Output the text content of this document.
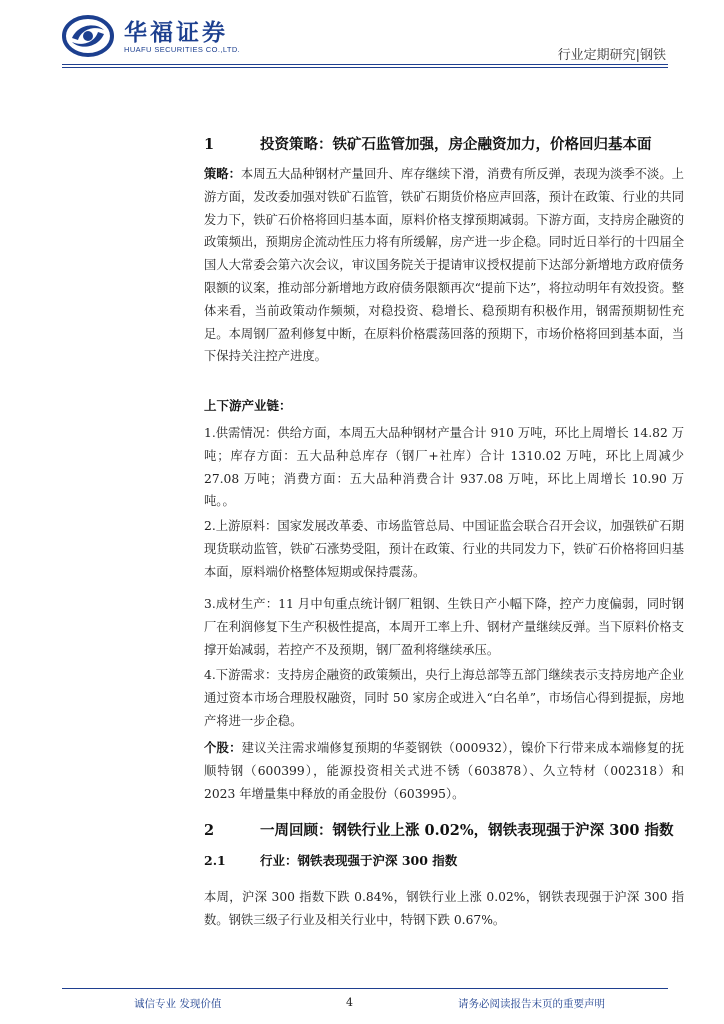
华福证券
HUAFU SECURITIES CO.,LTD.	行业定期研究|钢铁
1	投资策略：铁矿石监管加强，房企融资加力，价格回归基本面
策略：本周五大品种钢材产量回升、库存继续下滑，消费有所反弹，表现为淡季不淡。上游方面，发改委加强对铁矿石监管，铁矿石期货价格应声回落，预计在政策、行业的共同发力下，铁矿石价格将回归基本面，原料价格支撑预期减弱。下游方面，支持房企融资的政策频出，预期房企流动性压力将有所缓解，房产进一步企稳。同时近日举行的十四届全国人大常委会第六次会议，审议国务院关于提请审议授权提前下达部分新增地方政府债务限额的议案，推动部分新增地方政府债务限额再次“提前下达”，将拉动明年有效投资。整体来看，当前政策动作频频，对稳投资、稳增长、稳预期有积极作用，钢需预期韧性充足。本周钢厂盈利修复中断，在原料价格震荡回落的预期下，市场价格将回到基本面，当下保持关注控产进度。
上下游产业链：
1.供需情况：供给方面，本周五大品种钢材产量合计 910 万吨，环比上周增长 14.82 万吨；库存方面：五大品种总库存（钢厂+社库）合计 1310.02 万吨，环比上周减少 27.08 万吨；消费方面：五大品种消费合计 937.08 万吨，环比上周增长 10.90 万吨。。
2.上游原料：国家发展改革委、市场监管总局、中国证监会联合召开会议，加强铁矿石期现货联动监管，铁矿石涨势受阻，预计在政策、行业的共同发力下，铁矿石价格将回归基本面，原料端价格整体短期或保持震荡。
3.成材生产：11 月中旬重点统计钢厂粗钢、生铁日产小幅下降，控产力度偏弱，同时钢厂在利润修复下生产积极性提高，本周开工率上升、钢材产量继续反弹。当下原料价格支撑开始减弱，若控产不及预期，钢厂盈利将继续承压。
4.下游需求：支持房企融资的政策频出，央行上海总部等五部门继续表示支持房地产企业通过资本市场合理股权融资，同时 50 家房企或进入“白名单”，市场信心得到提振，房地产将进一步企稳。
个股：建议关注需求端修复预期的华菱钢铁（000932），镍价下行带来成本端修复的抚顺特钢（600399），能源投资相关式进不锈（603878）、久立特材（002318）和 2023 年增量集中释放的甬金股份（603995）。
2	一周回顾：钢铁行业上涨 0.02%，钢铁表现强于沪深 300 指数
2.1	行业：钢铁表现强于沪深 300 指数
本周，沪深 300 指数下跌 0.84%，钢铁行业上涨 0.02%，钢铁表现强于沪深 300 指数。钢铁三级子行业及相关行业中，特钢下跌 0.67%。
诚信专业 发现价值	4	请务必阅读报告末页的重要声明
